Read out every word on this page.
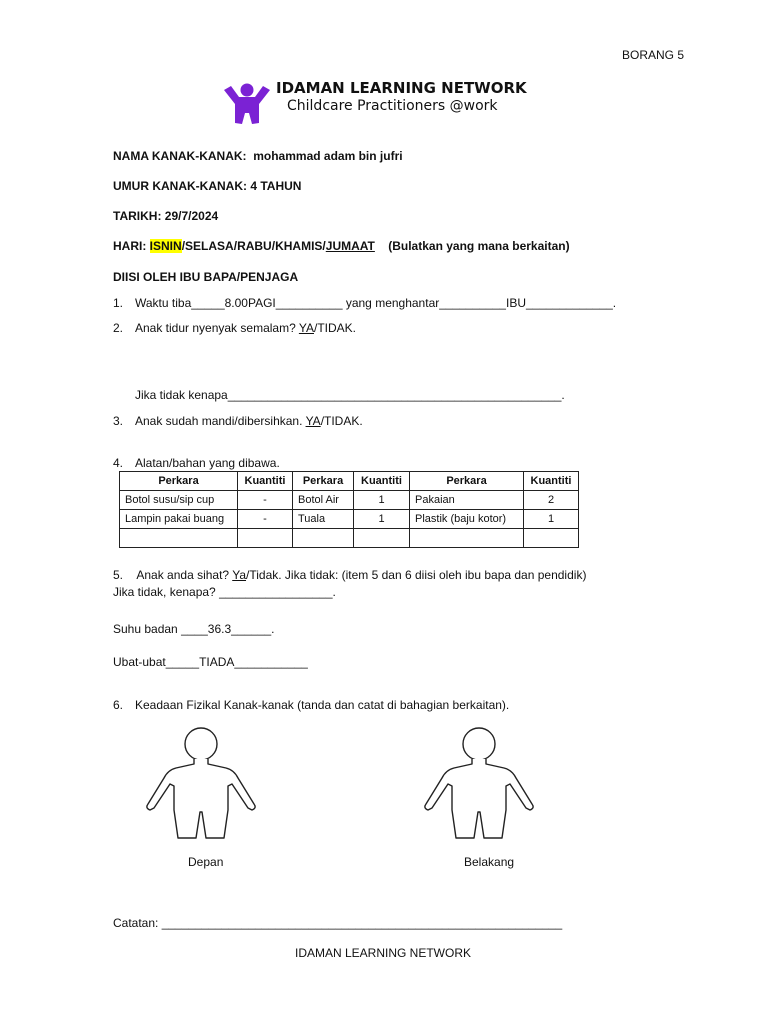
BORANG 5
IDAMAN LEARNING NETWORK
Childcare Practitioners @work
NAMA KANAK-KANAK: mohammad adam bin jufri
UMUR KANAK-KANAK: 4 TAHUN
TARIKH: 29/7/2024
HARI: ISNIN/SELASA/RABU/KHAMIS/JUMAAT (Bulatkan yang mana berkaitan)
DIISI OLEH IBU BAPA/PENJAGA
1. Waktu tiba_____8.00PAGI__________ yang menghantar__________IBU_____________.
2. Anak tidur nyenyak semalam? YA/TIDAK.
Jika tidak kenapa__________________________________________________.
3. Anak sudah mandi/dibersihkan. YA/TIDAK.
4. Alatan/bahan yang dibawa.
Perkara	Kuantiti	Perkara	Kuantiti	Perkara	Kuantiti
Botol susu/sip cup	-	Botol Air	1	Pakaian	2
Lampin pakai buang	-	Tuala	1	Plastik (baju kotor)	1

5. Anak anda sihat? Ya/Tidak. Jika tidak: (item 5 dan 6 diisi oleh ibu bapa dan pendidik)
Jika tidak, kenapa? _________________.
Suhu badan ____36.3______.
Ubat-ubat_____TIADA___________
6. Keadaan Fizikal Kanak-kanak (tanda dan catat di bahagian berkaitan).
Depan	Belakang
Catatan: ____________________________________________________________
IDAMAN LEARNING NETWORK
